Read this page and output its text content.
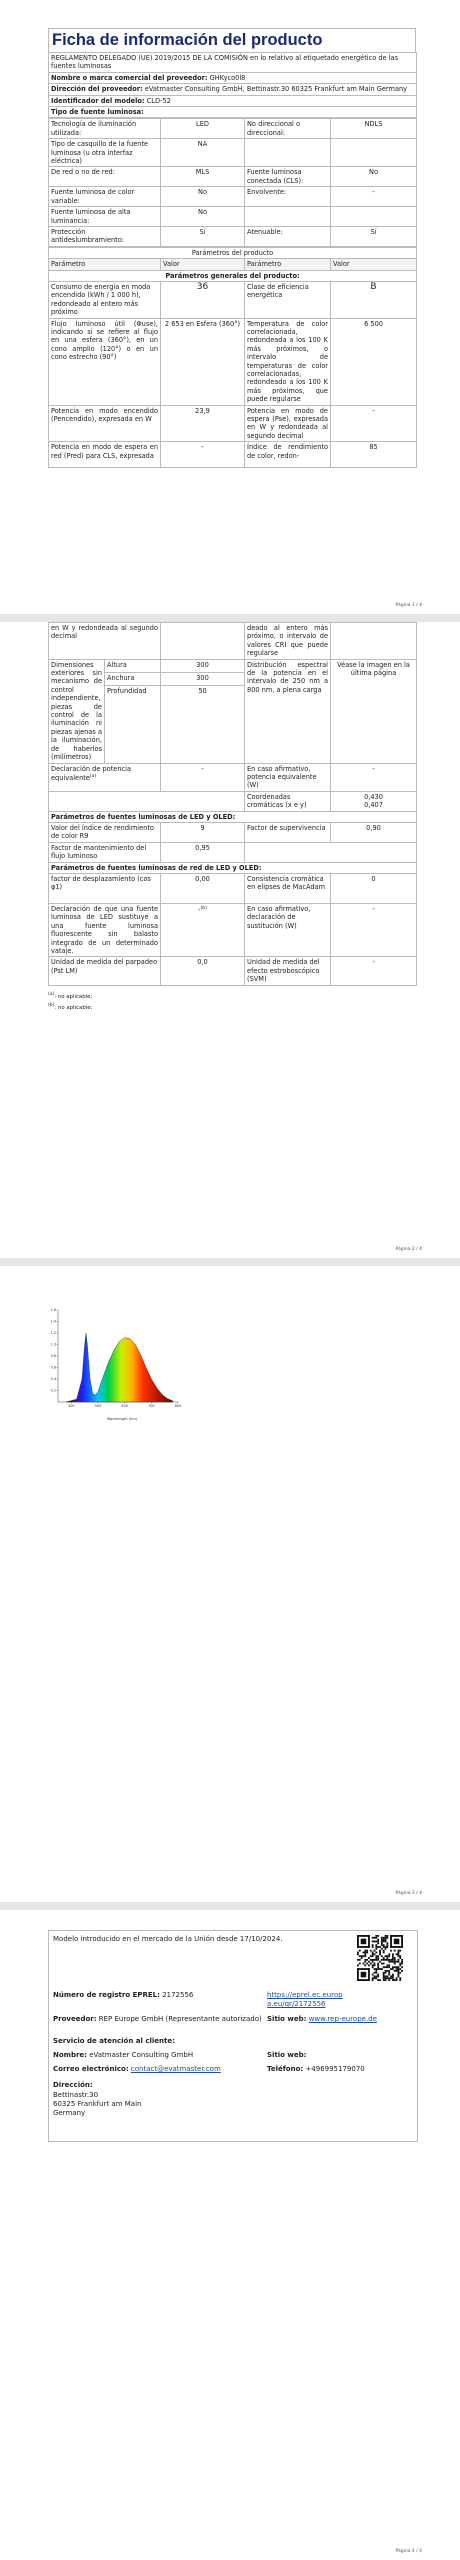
Ficha de información del producto
REGLAMENTO DELEGADO (UE) 2019/2015 DE LA COMISIÓN en lo relativo al etiquetado energético de las fuentes luminosas
Nombre o marca comercial del proveedor: GHKyco0l8
Dirección del proveedor: eVatmaster Consulting GmbH, Bettinastr.30 60325 Frankfurt am Main Germany
Identificador del modelo: CLD-52
Tipo de fuente luminosa:
Tecnología de iluminación utilizada:	LED	No direccional o direccional:	NDLS
Tipo de casquillo de la fuente luminosa (u otra interfaz eléctrica)	NA		
De red o no de red:	MLS	Fuente luminosa conectada (CLS):	No
Fuente luminosa de color variable:	No	Envolvente:	-
Fuente luminosa de alta luminancia:	No		
Protección antideslumbramiento:	Sí	Atenuable:	Sí
Parámetros del producto			
Parámetro	Valor	Parámetro	Valor
Parámetros generales del producto:			
Consumo de energía en modo encendido (kWh / 1 000 h), redondeado al entero más próximo	36	Clase de eficiencia energética	B
Flujo luminoso útil (Φuse), indicando si se refiere al flujo en una esfera (360°), en un cono amplio (120°) o en un cono estrecho (90°)	2 653 en Esfera (360°)	Temperatura de color correlacionada, redondeada a los 100 K más próximos, o intervalo de temperaturas de color correlacionadas, redondeado a los 100 K más próximos, que puede regularse	6 500
Potencia en modo encendido (Pencendido), expresada en W	23,9	Potencia en modo de espera (Pse), expresada en W y redondeada al segundo decimal	-
Potencia en modo de espera en red (Pred) para CLS, expresada	-	Índice de rendimiento de color, redon-	85
Página 1 / 4
en W y redondeada al segundo decimal			deado al entero más próximo, o intervalo de valores CRI que puede regularse	
Dimensiones exteriores sin mecanismo de control independiente, piezas de control de la iluminación ni piezas ajenas a la iluminación, de haberlos (milímetros)	Altura	300	Distribución espectral de la potencia en el intervalo de 250 nm a 800 nm, a plena carga	Véase la imagen en la última página
	Anchura	300		
	Profundidad	50		
Declaración de potencia equivalente$^{(a)}$		-	En caso afirmativo, potencia equivalente (W)	-
			Coordenadas cromáticas (x e y)	0,430
0,407

Parámetros de fuentes luminosas de LED y OLED:				
Valor del índice de rendimiento de color R9		9	Factor de supervivencia	0,90
Factor de mantenimiento del flujo luminoso		0,95		
Parámetros de fuentes luminosas de red de LED y OLED:				
factor de desplazamiento (cos φ1)		0,00	Consistencia cromática en elipses de MacAdam	0
Declaración de que una fuente luminosa de LED sustituye a una fuente luminosa fluorescente sin balasto integrado de un determinado vataje.		-$^{(b)}$	En caso afirmativo, declaración de sustitución (W)	-
Unidad de medida del parpadeo (Pst LM)		0,0	Unidad de medida del efecto estroboscópico (SVM)	-
$^{(a)}$: no aplicable;
$^{(b)}$: no aplicable;
Página 2 / 4
400	500	600	700	800
0.2
0.4
0.6
0.8
1.0
1.2
1.4
1.6
Wavelength (nm)
Página 3 / 4
Modelo introducido en el mercado de la Unión desde 17/10/2024.
Número de registro EPREL: 2172556	https://eprel.ec.europa.eu/qr/2172556
Proveedor: REP Europe GmbH (Representante autorizado) Sitio web: www.rep-europe.de
Servicio de atención al cliente:
Nombre: eVatmaster Consulting GmbH	Sitio web:
Correo electrónico: contact@evatmaster.com	Teléfono: +496995179070
Dirección:
Bettinastr.30
60325 Frankfurt am Main
Germany
Página 4 / 4
